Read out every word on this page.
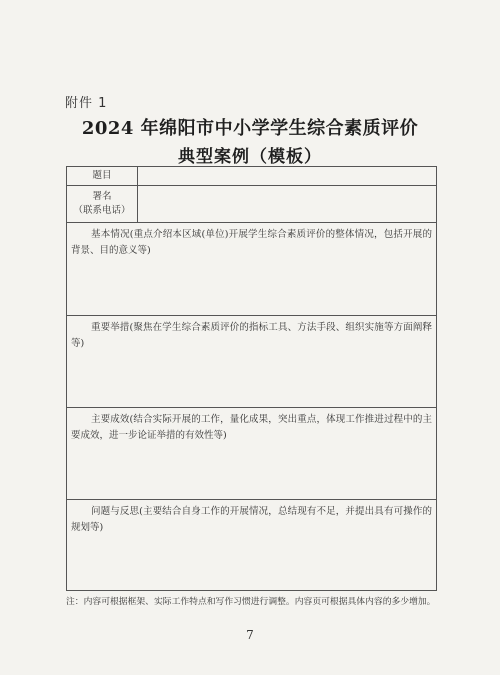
附件 1
2024 年绵阳市中小学学生综合素质评价
典型案例（模板）
题目
署名
（联系电话）
基本情况(重点介绍本区域(单位)开展学生综合素质评价的整体情况，包括开展的背景、目的意义等)
重要举措(聚焦在学生综合素质评价的指标工具、方法手段、组织实施等方面阐释等)
主要成效(结合实际开展的工作，量化成果，突出重点，体现工作推进过程中的主要成效，进一步论证举措的有效性等)
问题与反思(主要结合自身工作的开展情况，总结现有不足，并提出具有可操作的规划等)
注：内容可根据框架、实际工作特点和写作习惯进行调整。内容页可根据具体内容的多少增加。
7
